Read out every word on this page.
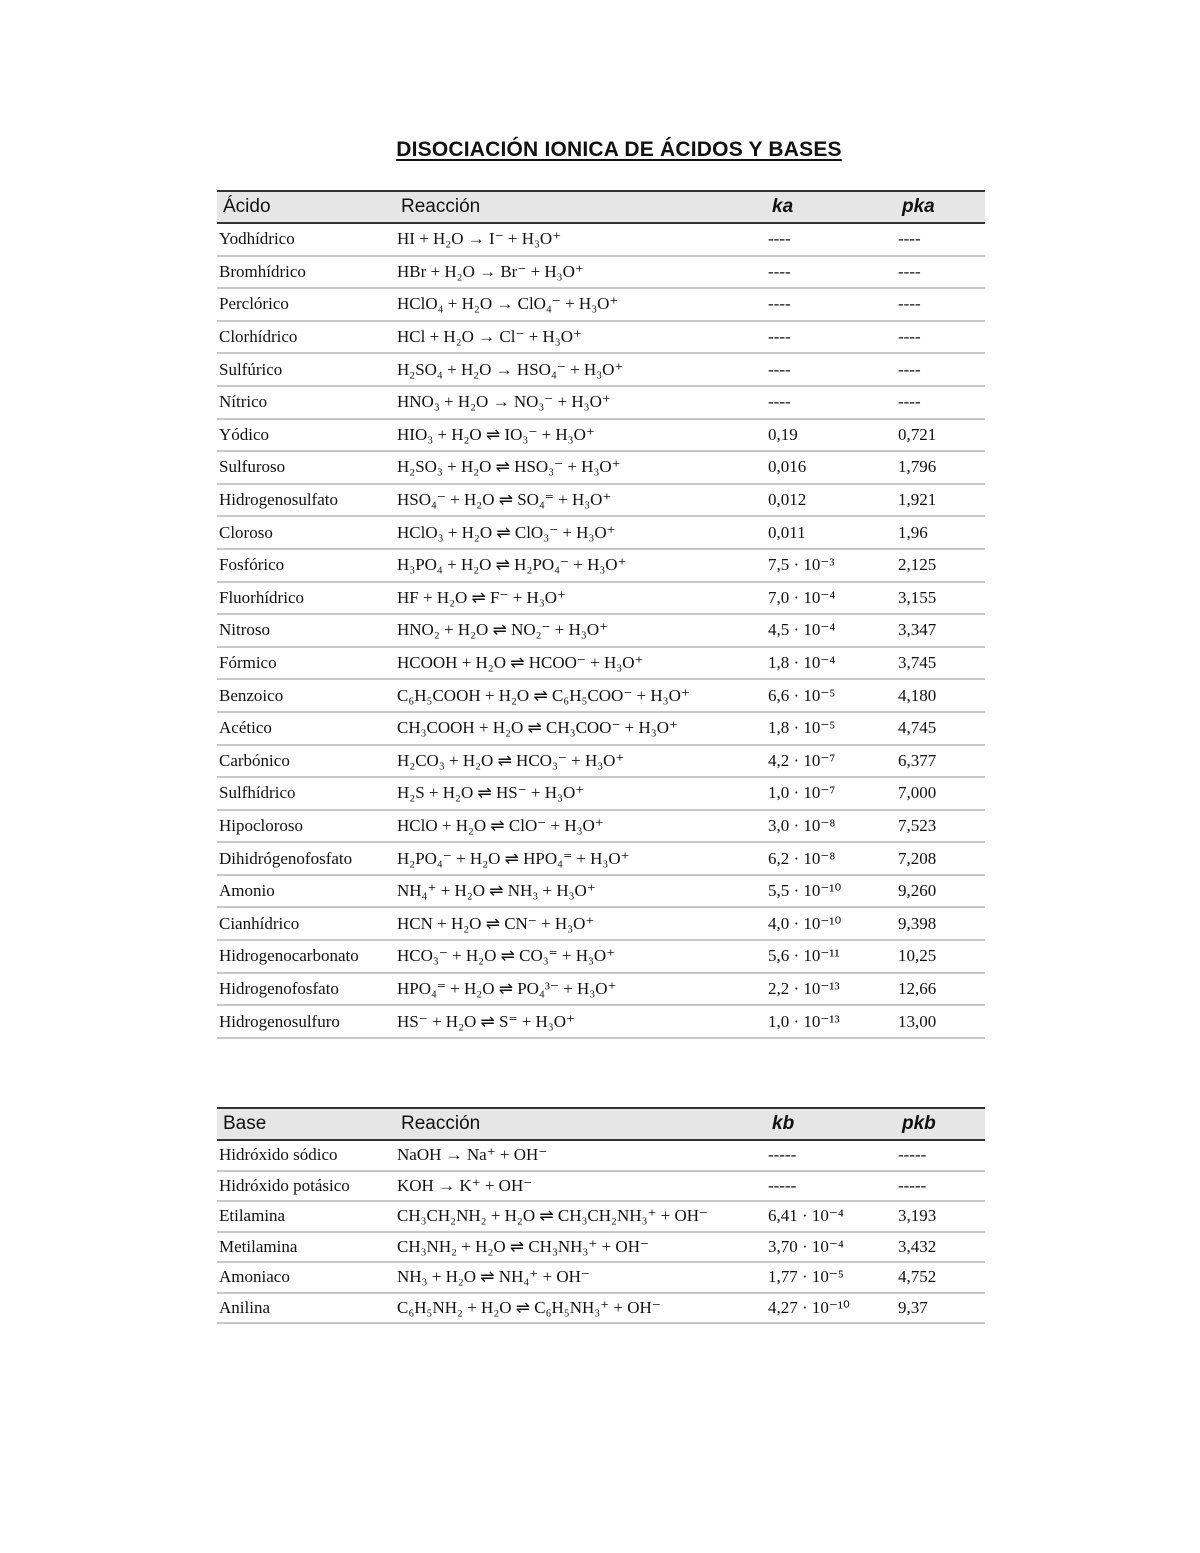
DISOCIACIÓN IONICA DE ÁCIDOS Y BASES
Ácido	Reacción	ka	pka
Yodhídrico	HI + H₂O → I⁻ + H₃O⁺	----	----
Bromhídrico	HBr + H₂O → Br⁻ + H₃O⁺	----	----
Perclórico	HClO₄ + H₂O → ClO₄⁻ + H₃O⁺	----	----
Clorhídrico	HCl + H₂O → Cl⁻ + H₃O⁺	----	----
Sulfúrico	H₂SO₄ + H₂O → HSO₄⁻ + H₃O⁺	----	----
Nítrico	HNO₃ + H₂O → NO₃⁻ + H₃O⁺	----	----
Yódico	HIO₃ + H₂O ⇌ IO₃⁻ + H₃O⁺	0,19	0,721
Sulfuroso	H₂SO₃ + H₂O ⇌ HSO₃⁻ + H₃O⁺	0,016	1,796
Hidrogenosulfato	HSO₄⁻ + H₂O ⇌ SO₄⁼ + H₃O⁺	0,012	1,921
Cloroso	HClO₃ + H₂O ⇌ ClO₃⁻ + H₃O⁺	0,011	1,96
Fosfórico	H₃PO₄ + H₂O ⇌ H₂PO₄⁻ + H₃O⁺	7,5 · 10⁻³	2,125
Fluorhídrico	HF + H₂O ⇌ F⁻ + H₃O⁺	7,0 · 10⁻⁴	3,155
Nitroso	HNO₂ + H₂O ⇌ NO₂⁻ + H₃O⁺	4,5 · 10⁻⁴	3,347
Fórmico	HCOOH + H₂O ⇌ HCOO⁻ + H₃O⁺	1,8 · 10⁻⁴	3,745
Benzoico	C₆H₅COOH + H₂O ⇌ C₆H₅COO⁻ + H₃O⁺	6,6 · 10⁻⁵	4,180
Acético	CH₃COOH + H₂O ⇌ CH₃COO⁻ + H₃O⁺	1,8 · 10⁻⁵	4,745
Carbónico	H₂CO₃ + H₂O ⇌ HCO₃⁻ + H₃O⁺	4,2 · 10⁻⁷	6,377
Sulfhídrico	H₂S + H₂O ⇌ HS⁻ + H₃O⁺	1,0 · 10⁻⁷	7,000
Hipocloroso	HClO + H₂O ⇌ ClO⁻ + H₃O⁺	3,0 · 10⁻⁸	7,523
Dihidrógenofosfato	H₂PO₄⁻ + H₂O ⇌ HPO₄⁼ + H₃O⁺	6,2 · 10⁻⁸	7,208
Amonio	NH₄⁺ + H₂O ⇌ NH₃ + H₃O⁺	5,5 · 10⁻¹⁰	9,260
Cianhídrico	HCN + H₂O ⇌ CN⁻ + H₃O⁺	4,0 · 10⁻¹⁰	9,398
Hidrogenocarbonato	HCO₃⁻ + H₂O ⇌ CO₃⁼ + H₃O⁺	5,6 · 10⁻¹¹	10,25
Hidrogenofosfato	HPO₄⁼ + H₂O ⇌ PO₄³⁻ + H₃O⁺	2,2 · 10⁻¹³	12,66
Hidrogenosulfuro	HS⁻ + H₂O ⇌ S⁼ + H₃O⁺	1,0 · 10⁻¹³	13,00
Base	Reacción	kb	pkb
Hidróxido sódico	NaOH → Na⁺ + OH⁻	-----	-----
Hidróxido potásico	KOH → K⁺ + OH⁻	-----	-----
Etilamina	CH₃CH₂NH₂ + H₂O ⇌ CH₃CH₂NH₃⁺ + OH⁻	6,41 · 10⁻⁴	3,193
Metilamina	CH₃NH₂ + H₂O ⇌ CH₃NH₃⁺ + OH⁻	3,70 · 10⁻⁴	3,432
Amoniaco	NH₃ + H₂O ⇌ NH₄⁺ + OH⁻	1,77 · 10⁻⁵	4,752
Anilina	C₆H₅NH₂ + H₂O ⇌ C₆H₅NH₃⁺ + OH⁻	4,27 · 10⁻¹⁰	9,37
